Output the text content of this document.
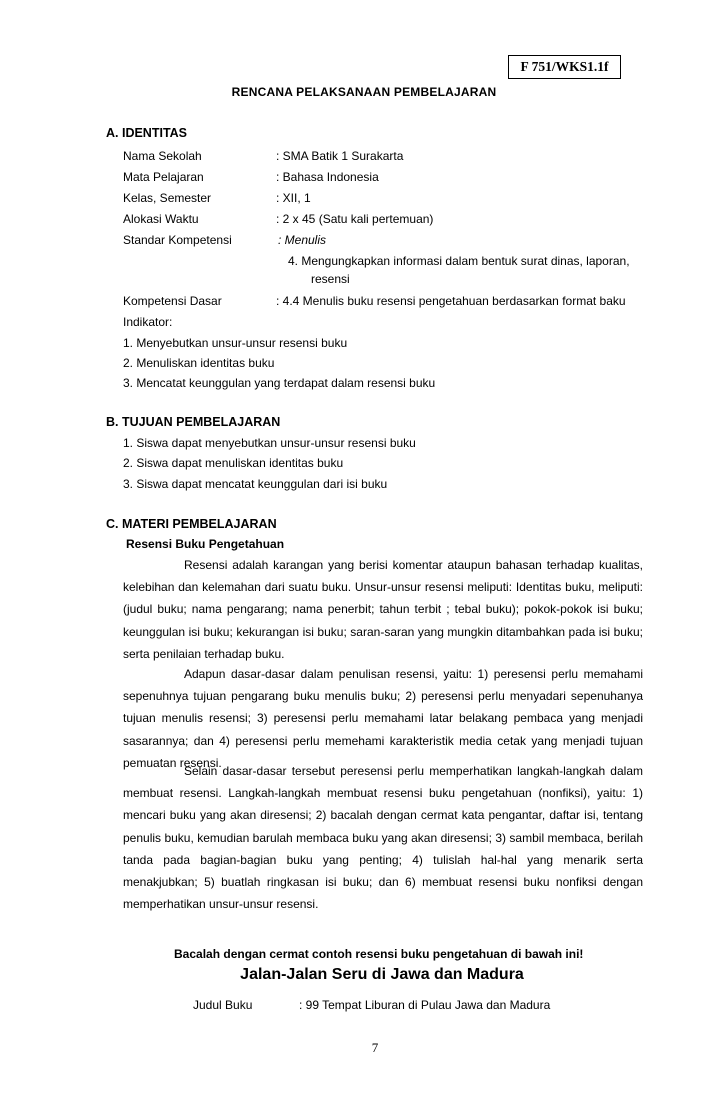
F 751/WKS1.1f
RENCANA PELAKSANAAN PEMBELAJARAN
A. IDENTITAS
Nama Sekolah	: SMA Batik 1 Surakarta
Mata Pelajaran	: Bahasa Indonesia
Kelas, Semester	: XII, 1
Alokasi Waktu	: 2 x 45 (Satu kali pertemuan)
Standar Kompetensi	: Menulis
4. Mengungkapkan informasi dalam bentuk surat dinas, laporan,
resensi
Kompetensi Dasar	: 4.4 Menulis buku resensi pengetahuan berdasarkan format baku
Indikator:
1. Menyebutkan unsur-unsur resensi buku
2. Menuliskan identitas buku
3. Mencatat keunggulan yang terdapat dalam resensi buku
B. TUJUAN PEMBELAJARAN
1. Siswa dapat menyebutkan unsur-unsur resensi buku
2. Siswa dapat menuliskan identitas buku
3. Siswa dapat mencatat keunggulan dari isi buku
C. MATERI PEMBELAJARAN
Resensi Buku Pengetahuan
Resensi adalah karangan yang berisi komentar ataupun bahasan terhadap kualitas, kelebihan dan kelemahan dari suatu buku. Unsur-unsur resensi meliputi: Identitas buku, meliputi: (judul buku; nama pengarang; nama penerbit; tahun terbit ; tebal buku); pokok-pokok isi buku; keunggulan isi buku; kekurangan isi buku; saran-saran yang mungkin ditambahkan pada isi buku; serta penilaian terhadap buku.
Adapun dasar-dasar dalam penulisan resensi, yaitu: 1) peresensi perlu memahami sepenuhnya tujuan pengarang buku menulis buku; 2) peresensi perlu menyadari sepenuhanya tujuan menulis resensi; 3) peresensi perlu memahami latar belakang pembaca yang menjadi sasarannya; dan 4) peresensi perlu memehami karakteristik media cetak yang menjadi tujuan pemuatan resensi.
Selain dasar-dasar tersebut peresensi perlu memperhatikan langkah-langkah dalam membuat resensi. Langkah-langkah membuat resensi buku pengetahuan (nonfiksi), yaitu: 1) mencari buku yang akan diresensi; 2) bacalah dengan cermat kata pengantar, daftar isi, tentang penulis buku, kemudian barulah membaca buku yang akan diresensi; 3) sambil membaca, berilah tanda pada bagian-bagian buku yang penting; 4) tulislah hal-hal yang menarik serta menakjubkan; 5) buatlah ringkasan isi buku; dan 6) membuat resensi buku nonfiksi dengan memperhatikan unsur-unsur resensi.
Bacalah dengan cermat contoh resensi buku pengetahuan di bawah ini!
Jalan-Jalan Seru di Jawa dan Madura
Judul Buku	: 99 Tempat Liburan di Pulau Jawa dan Madura
7
